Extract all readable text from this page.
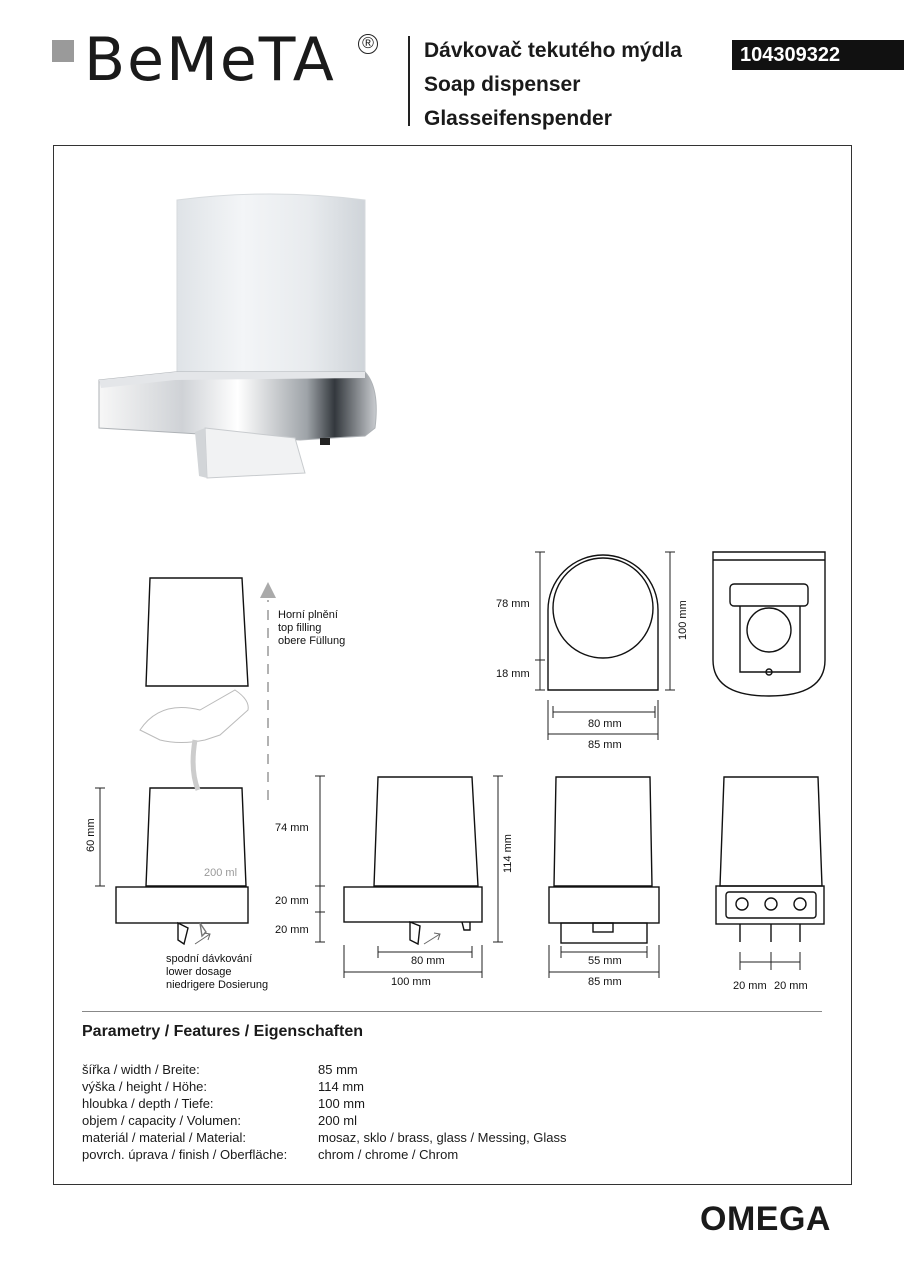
BeMeTA ® Dávkovač tekutého mýdla
Soap dispenser
Glasseifenspender
104309322
Horní plnění
top filling
obere Füllung
spodní dávkování
lower dosage
niedrigere Dosierung
200 ml
78 mm
18 mm
100 mm
80 mm
85 mm
60 mm	74 mm
20 mm
20 mm
114 mm
80 mm
100 mm
55 mm
85 mm	20 mm 20 mm
Parametry / Features / Eigenschaften
šířka / width / Breite:	85 mm
výška / height / Höhe:	114 mm
hloubka / depth / Tiefe:	100 mm
objem / capacity / Volumen:	200 ml
materiál / material / Material:	mosaz, sklo / brass, glass / Messing, Glass
povrch. úprava / finish / Oberfläche:	chrom / chrome / Chrom
OMEGA
